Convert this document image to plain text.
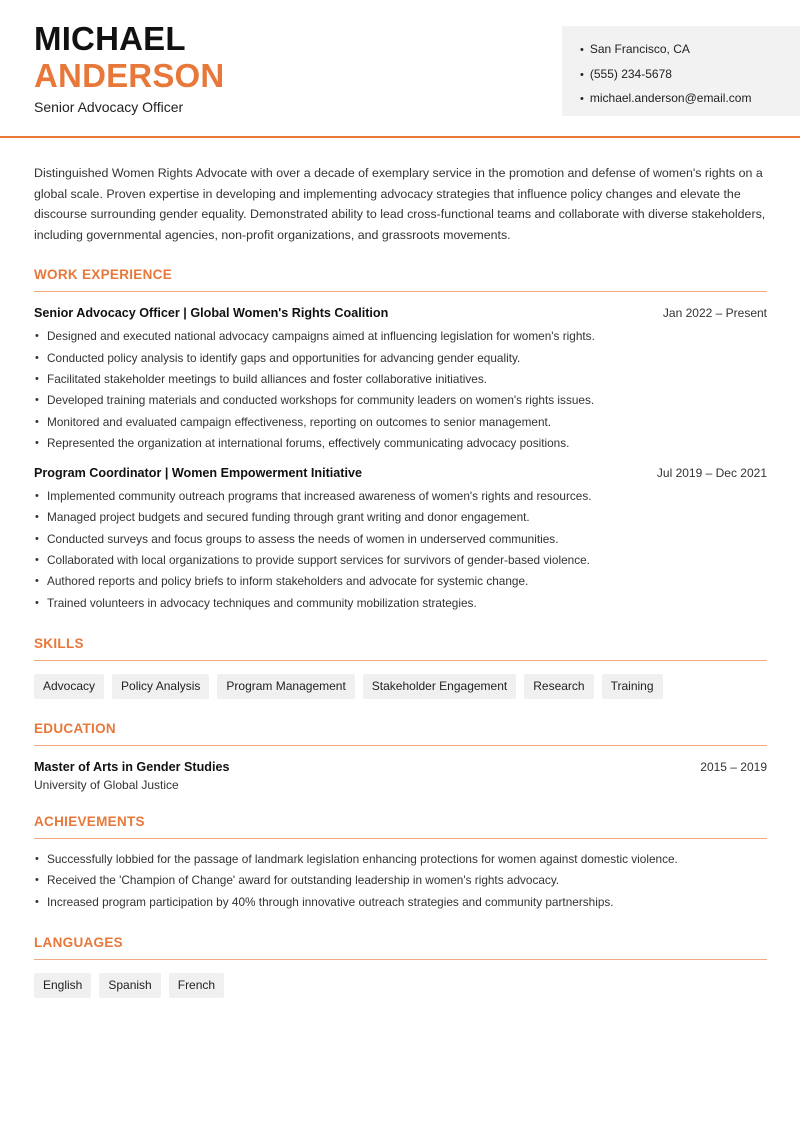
MICHAEL
ANDERSON
Senior Advocacy Officer
• San Francisco, CA
• (555) 234-5678
• michael.anderson@email.com

Distinguished Women Rights Advocate with over a decade of exemplary service in the promotion and defense of women's rights on a global scale. Proven expertise in developing and implementing advocacy strategies that influence policy changes and elevate the discourse surrounding gender equality. Demonstrated ability to lead cross-functional teams and collaborate with diverse stakeholders, including governmental agencies, non-profit organizations, and grassroots movements.

WORK EXPERIENCE
Senior Advocacy Officer | Global Women's Rights Coalition	Jan 2022 – Present
• Designed and executed national advocacy campaigns aimed at influencing legislation for women's rights.
• Conducted policy analysis to identify gaps and opportunities for advancing gender equality.
• Facilitated stakeholder meetings to build alliances and foster collaborative initiatives.
• Developed training materials and conducted workshops for community leaders on women's rights issues.
• Monitored and evaluated campaign effectiveness, reporting on outcomes to senior management.
• Represented the organization at international forums, effectively communicating advocacy positions.
Program Coordinator | Women Empowerment Initiative	Jul 2019 – Dec 2021
• Implemented community outreach programs that increased awareness of women's rights and resources.
• Managed project budgets and secured funding through grant writing and donor engagement.
• Conducted surveys and focus groups to assess the needs of women in underserved communities.
• Collaborated with local organizations to provide support services for survivors of gender-based violence.
• Authored reports and policy briefs to inform stakeholders and advocate for systemic change.
• Trained volunteers in advocacy techniques and community mobilization strategies.
SKILLS
Advocacy	Policy Analysis	Program Management	Stakeholder Engagement	Research	Training
EDUCATION
Master of Arts in Gender Studies	2015 – 2019
University of Global Justice
ACHIEVEMENTS
• Successfully lobbied for the passage of landmark legislation enhancing protections for women against domestic violence.
• Received the 'Champion of Change' award for outstanding leadership in women's rights advocacy.
• Increased program participation by 40% through innovative outreach strategies and community partnerships.
LANGUAGES
English	Spanish	French
